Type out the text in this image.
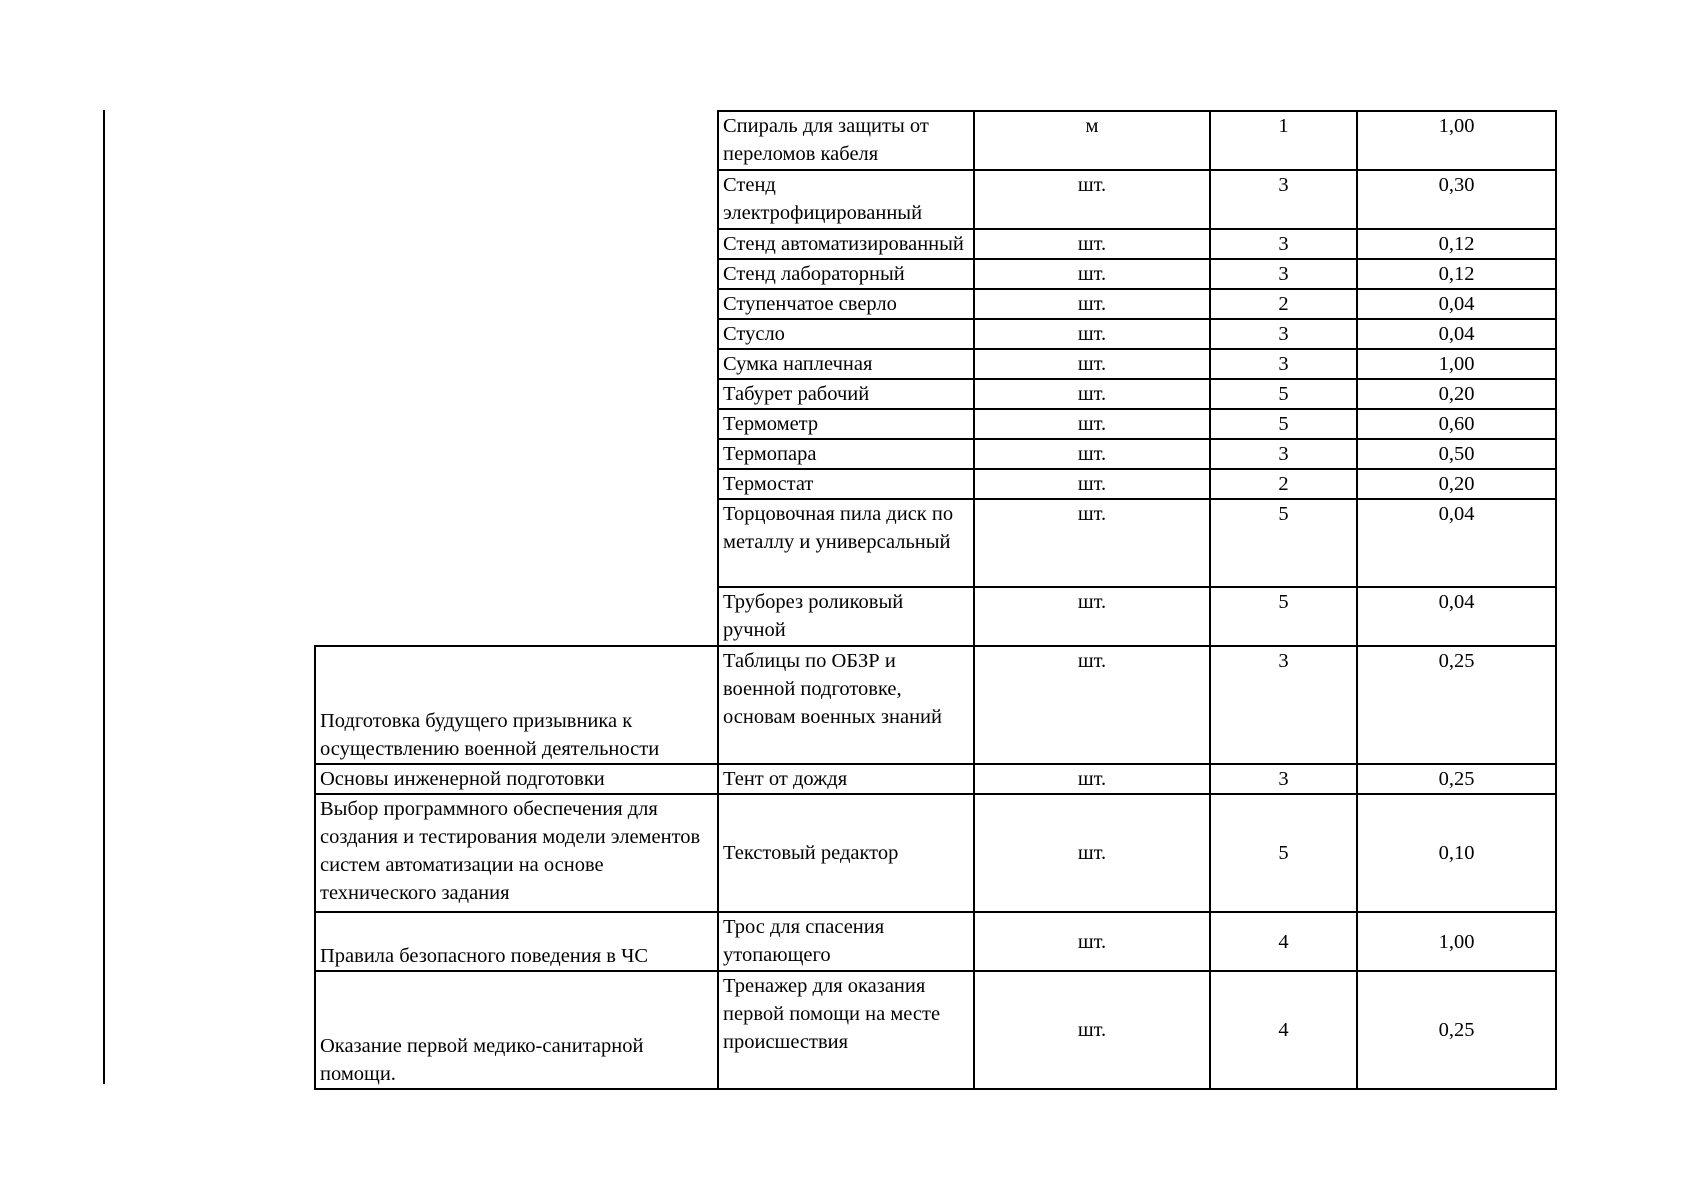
	Спираль для защиты от переломов кабеля	м	1	1,00
	Стенд электрофицированный	шт.	3	0,30
	Стенд автоматизированный	шт.	3	0,12
	Стенд лабораторный	шт.	3	0,12
	Ступенчатое сверло	шт.	2	0,04
	Стусло	шт.	3	0,04
	Сумка наплечная	шт.	3	1,00
	Табурет рабочий	шт.	5	0,20
	Термометр	шт.	5	0,60
	Термопара	шт.	3	0,50
	Термостат	шт.	2	0,20
	Торцовочная пила диск по металлу и универсальный	шт.	5	0,04
	Труборез роликовый ручной	шт.	5	0,04
Подготовка будущего призывника к осуществлению военной деятельности	Таблицы по ОБЗР и военной подготовке, основам военных знаний	шт.	3	0,25
Основы инженерной подготовки	Тент от дождя	шт.	3	0,25
Выбор программного обеспечения для создания и тестирования модели элементов систем автоматизации на основе технического задания	Текстовый редактор	шт.	5	0,10
Правила безопасного поведения в ЧС	Трос для спасения утопающего	шт.	4	1,00
Оказание первой медико-санитарной помощи.	Тренажер для оказания первой помощи на месте происшествия	шт.	4	0,25
